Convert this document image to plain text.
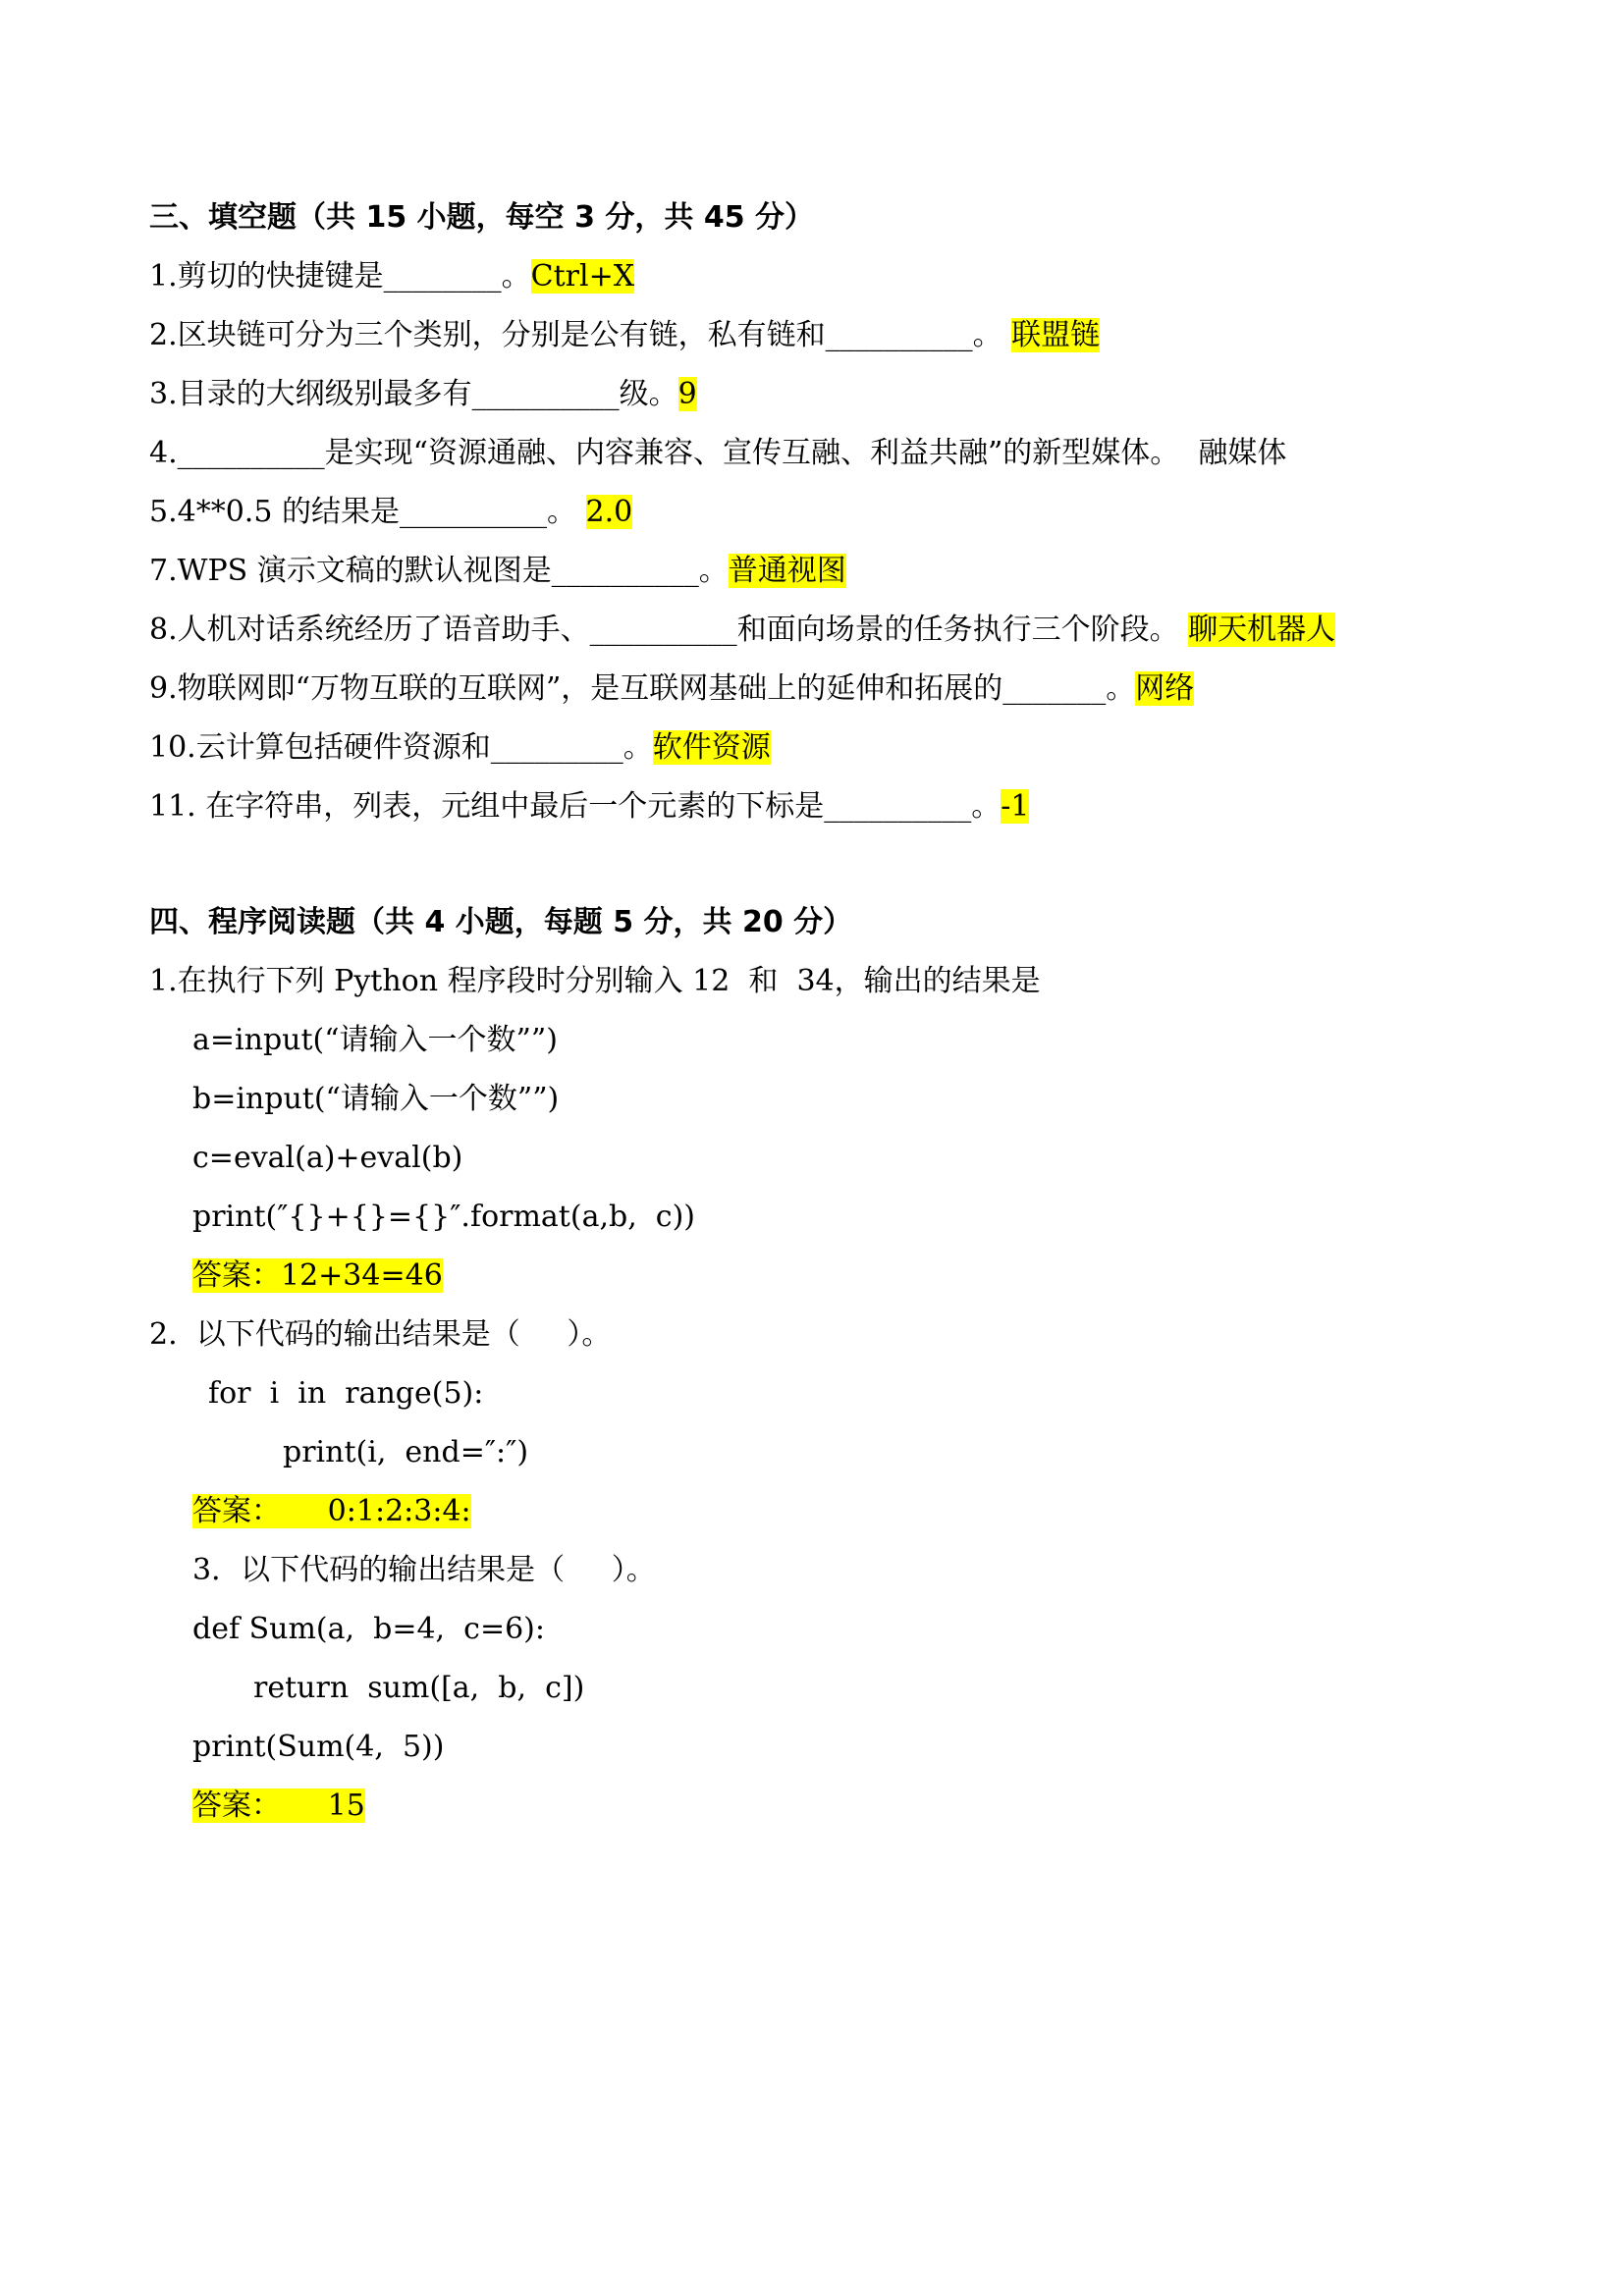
三、填空题（共 15 小题，每空 3 分，共 45 分）
1.剪切的快捷键是________。Ctrl+X
2.区块链可分为三个类别，分别是公有链，私有链和__________。 联盟链
3.目录的大纲级别最多有__________级。9
4.__________是实现“资源通融、内容兼容、宣传互融、利益共融”的新型媒体。  融媒体
5.4**0.5 的结果是__________。 2.0
7.WPS 演示文稿的默认视图是__________。普通视图
8.人机对话系统经历了语音助手、__________和面向场景的任务执行三个阶段。 聊天机器人
9.物联网即“万物互联的互联网”，是互联网基础上的延伸和拓展的_______。网络
10.云计算包括硬件资源和_________。软件资源
11. 在字符串，列表，元组中最后一个元素的下标是__________。-1
四、程序阅读题（共 4 小题，每题 5 分，共 20 分）
1.在执行下列 Python 程序段时分别输入 12  和  34，输出的结果是
a=input(“请输入一个数””)
b=input(“请输入一个数””)
c=eval(a)+eval(b)
print(″{}+{}={}″.format(a,b,  c))
答案：12+34=46
2.  以下代码的输出结果是（     ）。
for  i  in  range(5):
print(i,  end=″:″)
答案：     0:1:2:3:4:
3．以下代码的输出结果是（     ）。
def Sum(a,  b=4,  c=6):
return  sum([a,  b,  c])
print(Sum(4,  5))
答案：     15
